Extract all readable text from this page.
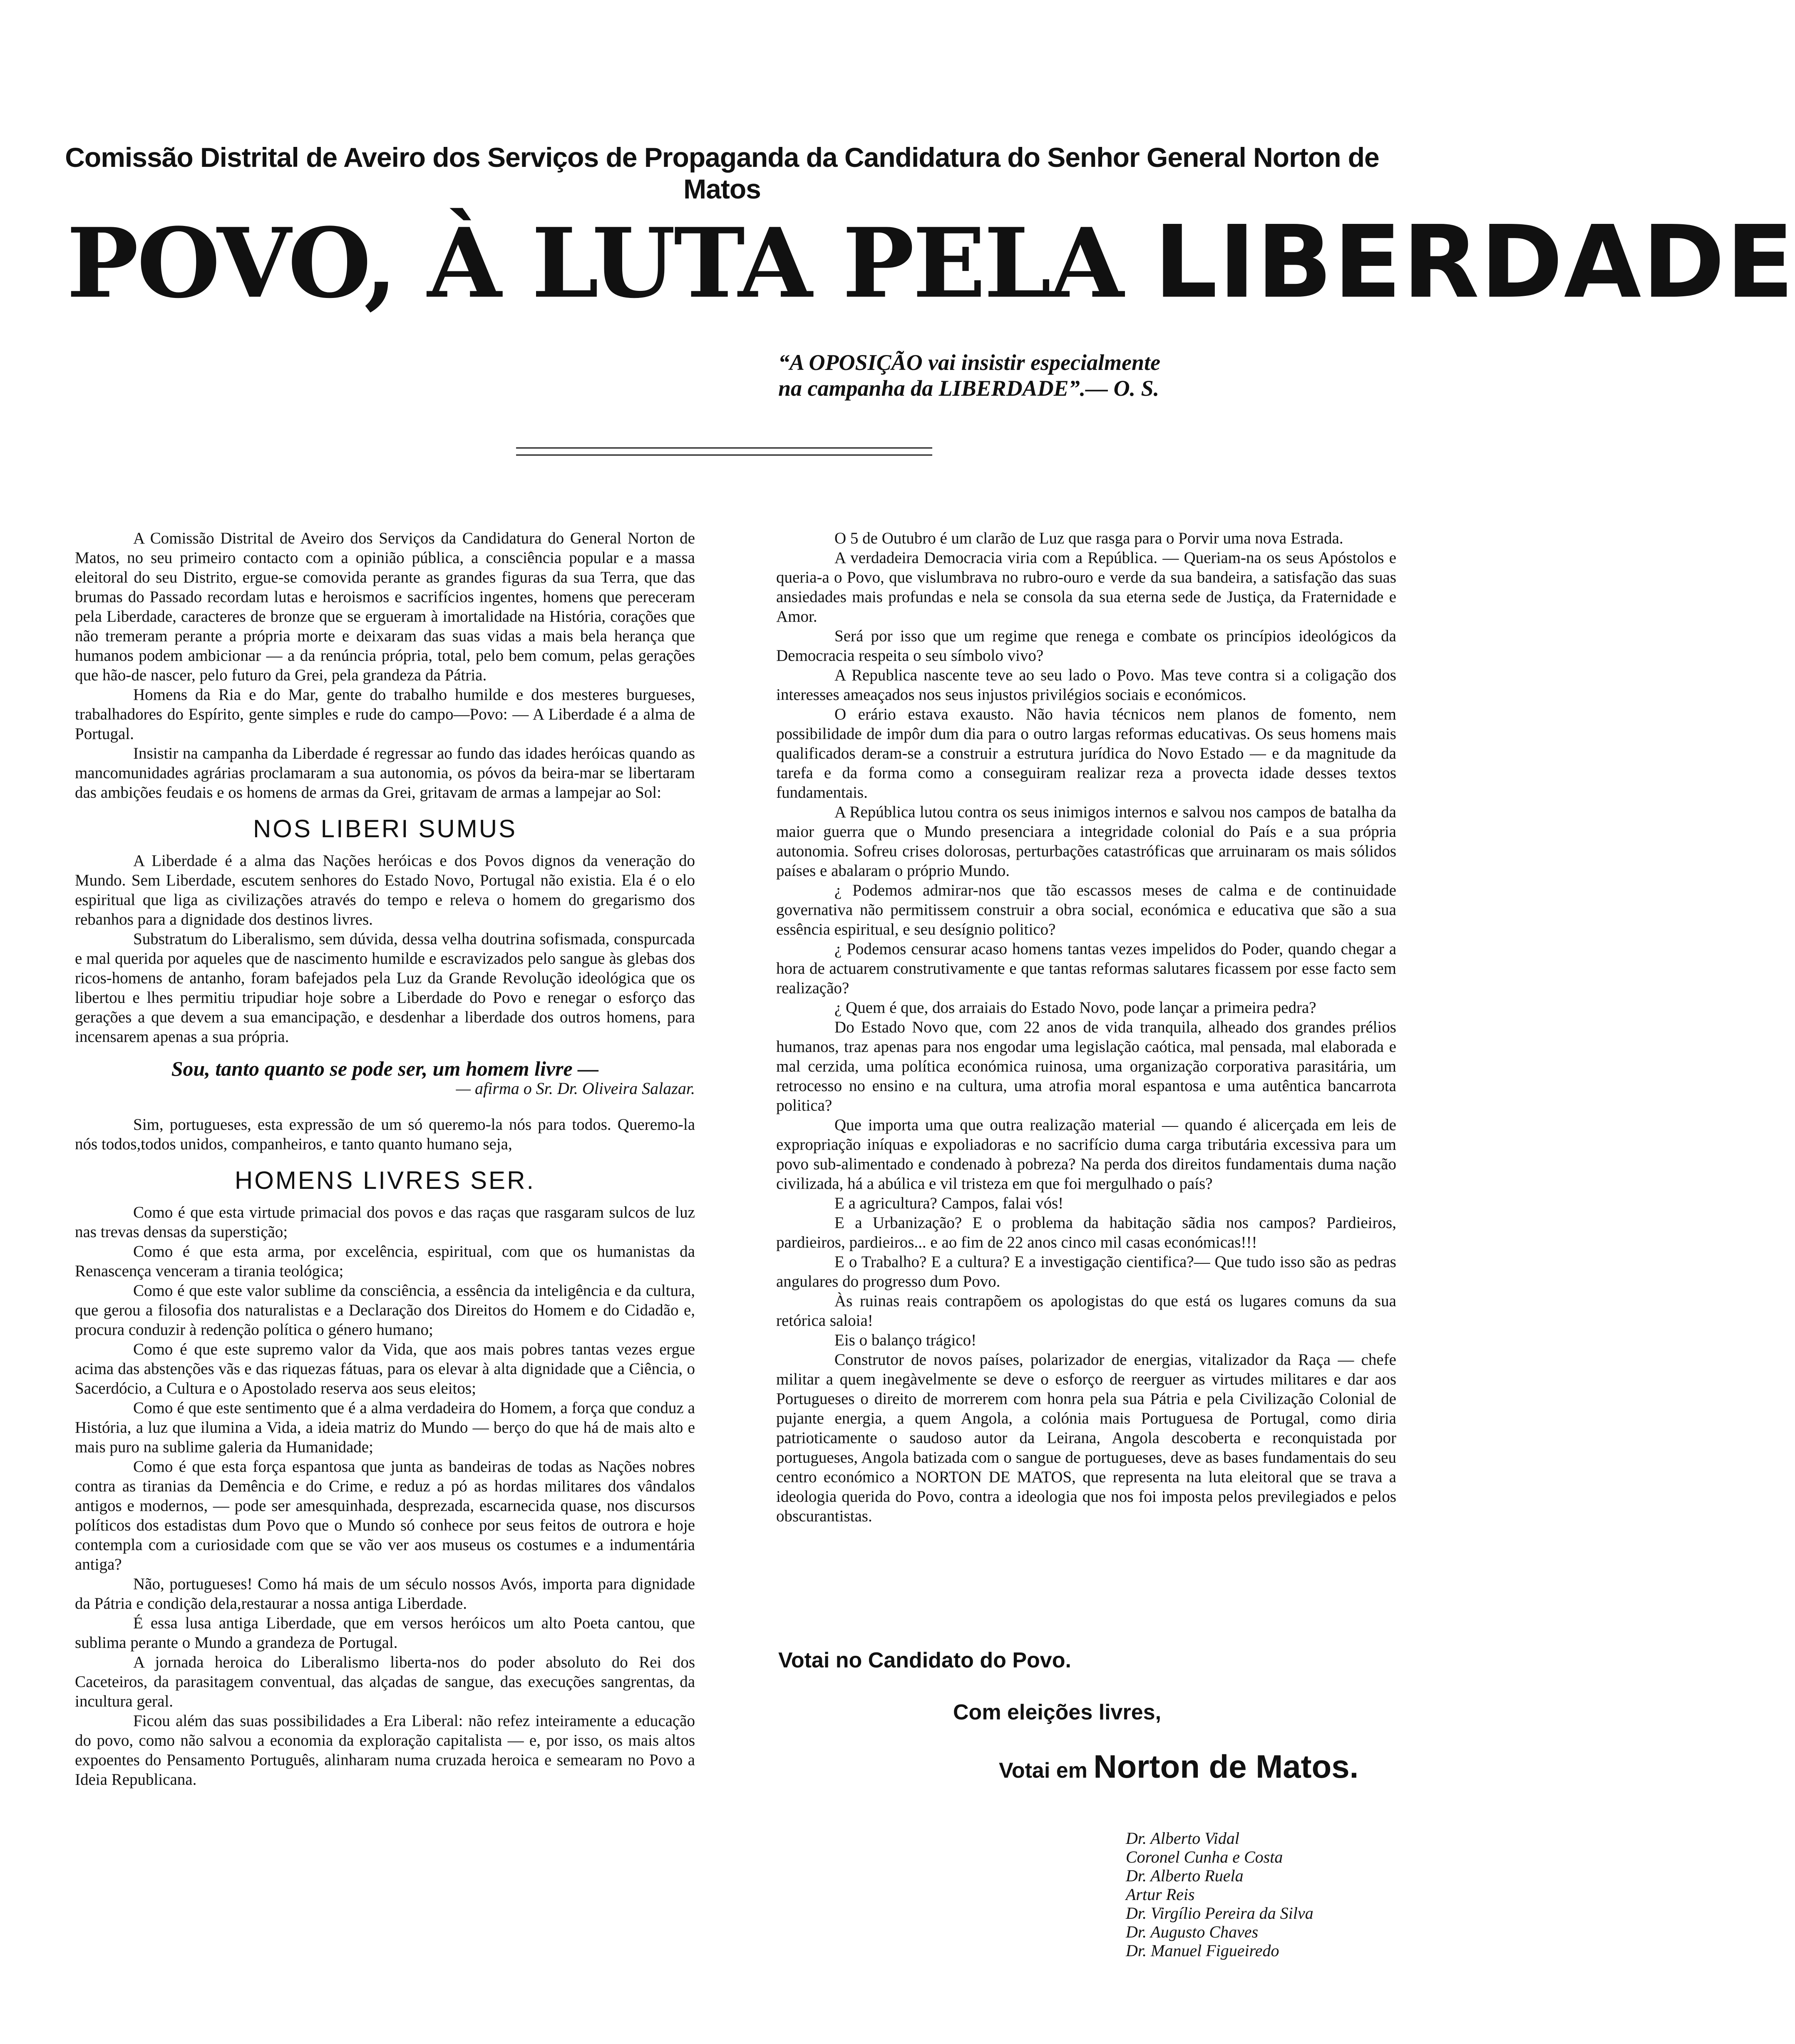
Comissão Distrital de Aveiro dos Serviços de Propaganda da Candidatura do Senhor General Norton de Matos
POVO, À LUTA PELA LIBERDADE
“A OPOSIÇÃO vai insistir especialmente
na campanha da LIBERDADE”.— O. S.

A Comissão Distrital de Aveiro dos Serviços da Candidatura do General Norton de Matos, no seu primeiro contacto com a opinião pública, a consciência popular e a massa eleitoral do seu Distrito, ergue-se comovida perante as grandes figuras da sua Terra, que das brumas do Passado recordam lutas e heroismos e sacrifícios ingentes, homens que pereceram pela Liberdade, caracteres de bronze que se ergueram à imortalidade na História, corações que não tremeram perante a própria morte e deixaram das suas vidas a mais bela herança que humanos podem ambicionar — a da renúncia própria, total, pelo bem comum, pelas gerações que hão-de nascer, pelo futuro da Grei, pela grandeza da Pátria.

Homens da Ria e do Mar, gente do trabalho humilde e dos mesteres burgueses, trabalhadores do Espírito, gente simples e rude do campo—Povo: — A Liberdade é a alma de Portugal.

Insistir na campanha da Liberdade é regressar ao fundo das idades heróicas quando as mancomunidades agrárias proclamaram a sua autonomia, os póvos da beira-mar se libertaram das ambições feudais e os homens de armas da Grei, gritavam de armas a lampejar ao Sol:

NOS LIBERI SUMUS

A Liberdade é a alma das Nações heróicas e dos Povos dignos da veneração do Mundo. Sem Liberdade, escutem senhores do Estado Novo, Portugal não existia. Ela é o elo espiritual que liga as civilizações através do tempo e releva o homem do gregarismo dos rebanhos para a dignidade dos destinos livres.

Substratum do Liberalismo, sem dúvida, dessa velha doutrina sofismada, conspurcada e mal querida por aqueles que de nascimento humilde e escravizados pelo sangue às glebas dos ricos-homens de antanho, foram bafejados pela Luz da Grande Revolução ideológica que os libertou e lhes permitiu tripudiar hoje sobre a Liberdade do Povo e renegar o esforço das gerações a que devem a sua emancipação, e desdenhar a liberdade dos outros homens, para incensarem apenas a sua própria.

Sou, tanto quanto se pode ser, um homem livre —
— afirma o Sr. Dr. Oliveira Salazar.

Sim, portugueses, esta expressão de um só queremo-la nós para todos. Queremo-la nós todos,todos unidos, companheiros, e tanto quanto humano seja,

HOMENS LIVRES SER.

Como é que esta virtude primacial dos povos e das raças que rasgaram sulcos de luz nas trevas densas da superstição;

Como é que esta arma, por excelência, espiritual, com que os humanistas da Renascença venceram a tirania teológica;

Como é que este valor sublime da consciência, a essência da inteligência e da cultura, que gerou a filosofia dos naturalistas e a Declaração dos Direitos do Homem e do Cidadão e, procura conduzir à redenção política o género humano;

Como é que este supremo valor da Vida, que aos mais pobres tantas vezes ergue acima das abstenções vãs e das riquezas fátuas, para os elevar à alta dignidade que a Ciência, o Sacerdócio, a Cultura e o Apostolado reserva aos seus eleitos;

Como é que este sentimento que é a alma verdadeira do Homem, a força que conduz a História, a luz que ilumina a Vida, a ideia matriz do Mundo — berço do que há de mais alto e mais puro na sublime galeria da Humanidade;

Como é que esta força espantosa que junta as bandeiras de todas as Nações nobres contra as tiranias da Demência e do Crime, e reduz a pó as hordas militares dos vândalos antigos e modernos, — pode ser amesquinhada, desprezada, escarnecida quase, nos discursos políticos dos estadistas dum Povo que o Mundo só conhece por seus feitos de outrora e hoje contempla com a curiosidade com que se vão ver aos museus os costumes e a indumentária antiga?

Não, portugueses! Como há mais de um século nossos Avós, importa para dignidade da Pátria e condição dela,restaurar a nossa antiga Liberdade.

É essa lusa antiga Liberdade, que em versos heróicos um alto Poeta cantou, que sublima perante o Mundo a grandeza de Portugal.

A jornada heroica do Liberalismo liberta-nos do poder absoluto do Rei dos Caceteiros, da parasitagem conventual, das alçadas de sangue, das execuções sangrentas, da incultura geral.

Ficou além das suas possibilidades a Era Liberal: não refez inteiramente a educação do povo, como não salvou a economia da exploração capitalista — e, por isso, os mais altos expoentes do Pensamento Português, alinharam numa cruzada heroica e semearam no Povo a Ideia Republicana.

O 5 de Outubro é um clarão de Luz que rasga para o Porvir uma nova Estrada.

A verdadeira Democracia viria com a República. — Queriam-na os seus Apóstolos e queria-a o Povo, que vislumbrava no rubro-ouro e verde da sua bandeira, a satisfação das suas ansiedades mais profundas e nela se consola da sua eterna sede de Justiça, da Fraternidade e Amor.

Será por isso que um regime que renega e combate os princípios ideológicos da Democracia respeita o seu símbolo vivo?

A Republica nascente teve ao seu lado o Povo. Mas teve contra si a coligação dos interesses ameaçados nos seus injustos privilégios sociais e económicos.

O erário estava exausto. Não havia técnicos nem planos de fomento, nem possibilidade de impôr dum dia para o outro largas reformas educativas. Os seus homens mais qualificados deram-se a construir a estrutura jurídica do Novo Estado — e da magnitude da tarefa e da forma como a conseguiram realizar reza a provecta idade desses textos fundamentais.

A República lutou contra os seus inimigos internos e salvou nos campos de batalha da maior guerra que o Mundo presenciara a integridade colonial do País e a sua própria autonomia. Sofreu crises dolorosas, perturbações catastróficas que arruinaram os mais sólidos países e abalaram o próprio Mundo.

¿ Podemos admirar-nos que tão escassos meses de calma e de continuidade governativa não permitissem construir a obra social, económica e educativa que são a sua essência espiritual, e seu desígnio politico?

¿ Podemos censurar acaso homens tantas vezes impelidos do Poder, quando chegar a hora de actuarem construtivamente e que tantas reformas salutares ficassem por esse facto sem realização?

¿ Quem é que, dos arraiais do Estado Novo, pode lançar a primeira pedra?

Do Estado Novo que, com 22 anos de vida tranquila, alheado dos grandes prélios humanos, traz apenas para nos engodar uma legislação caótica, mal pensada, mal elaborada e mal cerzida, uma política económica ruinosa, uma organização corporativa parasitária, um retrocesso no ensino e na cultura, uma atrofia moral espantosa e uma autêntica bancarrota politica?

Que importa uma que outra realização material — quando é alicerçada em leis de expropriação iníquas e expoliadoras e no sacrifício duma carga tributária excessiva para um povo sub-alimentado e condenado à pobreza? Na perda dos direitos fundamentais duma nação civilizada, há a abúlica e vil tristeza em que foi mergulhado o país?

E a agricultura? Campos, falai vós!

E a Urbanização? E o problema da habitação sãdia nos campos? Pardieiros, pardieiros, pardieiros... e ao fim de 22 anos cinco mil casas económicas!!!

E o Trabalho? E a cultura? E a investigação cientifica?— Que tudo isso são as pedras angulares do progresso dum Povo.

Às ruinas reais contrapõem os apologistas do que está os lugares comuns da sua retórica saloia!

Eis o balanço trágico!

Construtor de novos países, polarizador de energias, vitalizador da Raça — chefe militar a quem inegàvelmente se deve o esforço de reerguer as virtudes militares e dar aos Portugueses o direito de morrerem com honra pela sua Pátria e pela Civilização Colonial de pujante energia, a quem Angola, a colónia mais Portuguesa de Portugal, como diria patrioticamente o saudoso autor da Leirana, Angola descoberta e reconquistada por portugueses, Angola batizada com o sangue de portugueses, deve as bases fundamentais do seu centro económico a NORTON DE MATOS, que representa na luta eleitoral que se trava a ideologia querida do Povo, contra a ideologia que nos foi imposta pelos previlegiados e pelos obscurantistas.

Votai no Candidato do Povo.
Com eleições livres,
Votai em Norton de Matos.
Dr. Alberto Vidal
Coronel Cunha e Costa
Dr. Alberto Ruela
Artur Reis
Dr. Virgílio Pereira da Silva
Dr. Augusto Chaves
Dr. Manuel Figueiredo
